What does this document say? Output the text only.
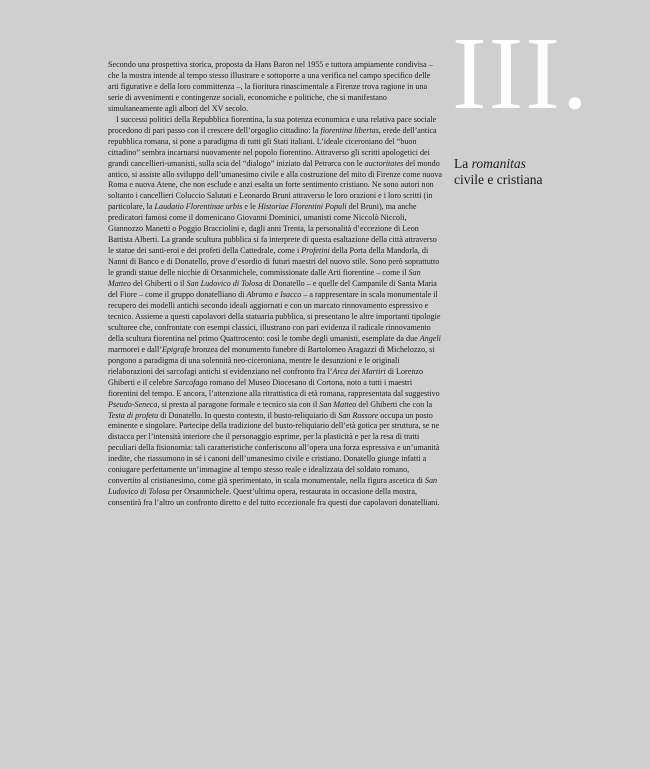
III.
La romanitas
civile e cristiana

Secondo una prospettiva storica, proposta da Hans Baron nel 1955 e tuttora ampiamente condivisa – che la mostra intende al tempo stesso illustrare e sottoporre a una verifica nel campo specifico delle arti figurative e della loro committenza –, la fioritura rinascimentale a Firenze trova ragione in una serie di avvenimenti e contingenze sociali, economiche e politiche, che si manifestano simultaneamente agli albori del XV secolo.

I successi politici della Repubblica fiorentina, la sua potenza economica e una relativa pace sociale procedono di pari passo con il crescere dell’orgoglio cittadino: la fiorentina libertas, erede dell’antica repubblica romana, si pone a paradigma di tutti gli Stati italiani. L’ideale ciceroniano del “buon cittadino” sembra incarnarsi nuovamente nel popolo fiorentino. Attraverso gli scritti apologetici dei grandi cancellieri-umanisti, sulla scia del “dialogo” iniziato dal Petrarca con le auctoritates del mondo antico, si assiste allo sviluppo dell’umanesimo civile e alla costruzione del mito di Firenze come nuova Roma e nuova Atene, che non esclude e anzi esalta un forte sentimento cristiano. Ne sono autori non soltanto i cancellieri Coluccio Salutati e Leonardo Bruni attraverso le loro orazioni e i loro scritti (in particolare, la Laudatio Florentinae urbis e le Historiae Florentini Populi del Bruni), ma anche predicatori famosi come il domenicano Giovanni Dominici, umanisti come Niccolò Niccoli, Giannozzo Manetti o Poggio Bracciolini e, dagli anni Trenta, la personalità d’eccezione di Leon Battista Alberti. La grande scultura pubblica si fa interprete di questa esaltazione della città attraverso le statue dei santi-eroi e dei profeti della Cattedrale, come i Profetini della Porta della Mandorla, di Nanni di Banco e di Donatello, prove d’esordio di futuri maestri del nuovo stile. Sono però soprattutto le grandi statue delle nicchie di Orsanmichele, commissionate dalle Arti fiorentine – come il San Matteo del Ghiberti o il San Ludovico di Tolosa di Donatello – e quelle del Campanile di Santa Maria del Fiore – come il gruppo donatelliano di Abramo e Isacco – a rappresentare in scala monumentale il recupero dei modelli antichi secondo ideali aggiornati e con un marcato rinnovamento espressivo e tecnico. Assieme a questi capolavori della statuaria pubblica, si presentano le altre importanti tipologie scultoree che, confrontate con esempi classici, illustrano con pari evidenza il radicale rinnovamento della scultura fiorentina nel primo Quattrocento: così le tombe degli umanisti, esemplate da due Angeli marmorei e dall’Epigrafe bronzea del monumento funebre di Bartolomeo Aragazzi di Michelozzo, si pongono a paradigma di una solennità neo-ciceroniana, mentre le desunzioni e le originali rielaborazioni dei sarcofagi antichi si evidenziano nel confronto fra l’Arca dei Martiri di Lorenzo Ghiberti e il celebre Sarcofago romano del Museo Diocesano di Cortona, noto a tutti i maestri fiorentini del tempo. E ancora, l’attenzione alla ritrattistica di età romana, rappresentata dal suggestivo Pseudo-Seneca, si presta al paragone formale e tecnico sia con il San Matteo del Ghiberti che con la Testa di profeta di Donatello. In questo contesto, il busto-reliquiario di San Rossore occupa un posto eminente e singolare. Partecipe della tradizione del busto-reliquiario dell’età gotica per struttura, se ne distacca per l’intensità interiore che il personaggio esprime, per la plasticità e per la resa di tratti peculiari della fisionomia: tali caratteristiche conferiscono all’opera una forza espressiva e un’umanità inedite, che riassumono in sé i canoni dell’umanesimo civile e cristiano. Donatello giunge infatti a coniugare perfettamente un’immagine al tempo stesso reale e idealizzata del soldato romano, convertito al cristianesimo, come già sperimentato, in scala monumentale, nella figura ascetica di San Ludovico di Tolosa per Orsanmichele. Quest’ultima opera, restaurata in occasione della mostra, consentirà fra l’altro un confronto diretto e del tutto eccezionale fra questi due capolavori donatelliani.
